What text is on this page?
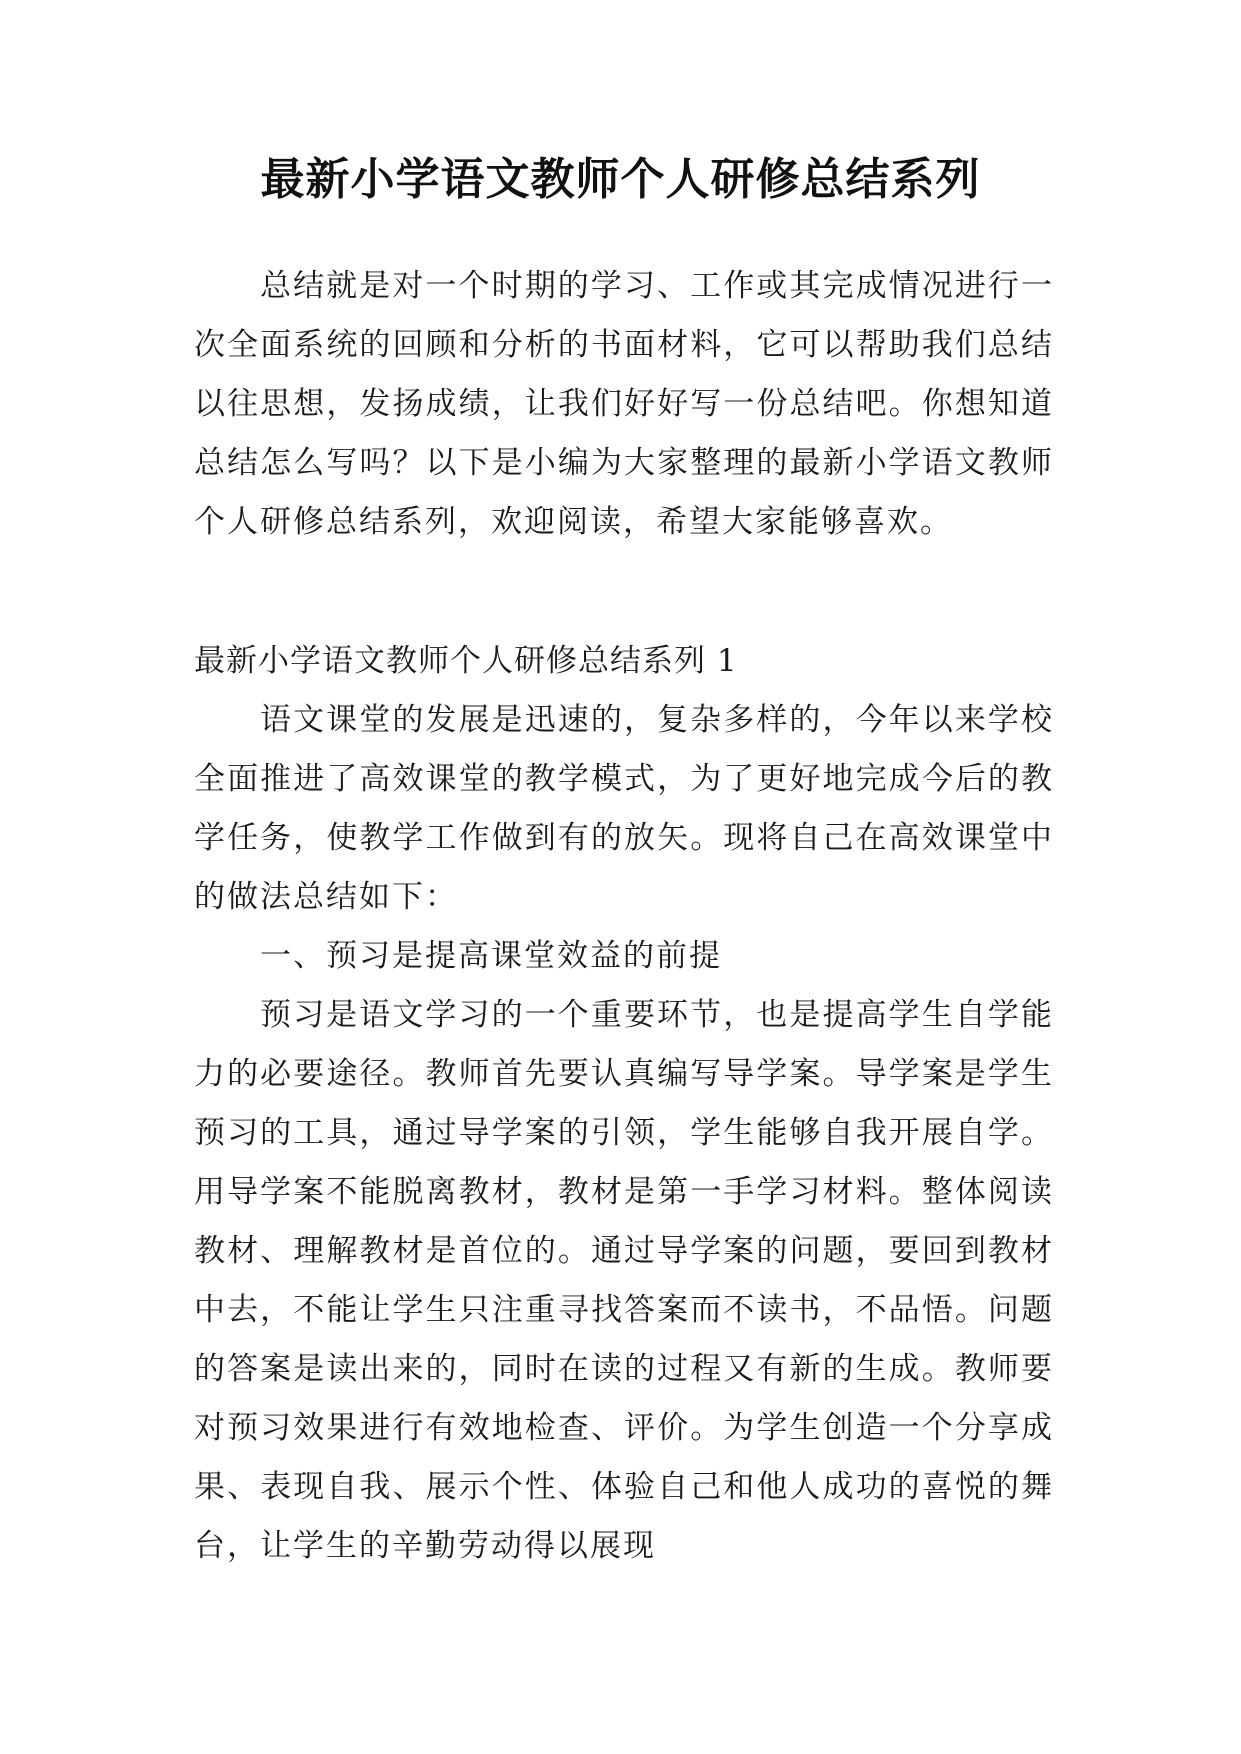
最新小学语文教师个人研修总结系列

总结就是对一个时期的学习、工作或其完成情况进行一次全面系统的回顾和分析的书面材料，它可以帮助我们总结以往思想，发扬成绩，让我们好好写一份总结吧。你想知道总结怎么写吗？以下是小编为大家整理的最新小学语文教师个人研修总结系列，欢迎阅读，希望大家能够喜欢。

最新小学语文教师个人研修总结系列 1

语文课堂的发展是迅速的，复杂多样的，今年以来学校全面推进了高效课堂的教学模式，为了更好地完成今后的教学任务，使教学工作做到有的放矢。现将自己在高效课堂中的做法总结如下：

一、预习是提高课堂效益的前提

预习是语文学习的一个重要环节，也是提高学生自学能力的必要途径。教师首先要认真编写导学案。导学案是学生预习的工具，通过导学案的引领，学生能够自我开展自学。用导学案不能脱离教材，教材是第一手学习材料。整体阅读教材、理解教材是首位的。通过导学案的问题，要回到教材中去，不能让学生只注重寻找答案而不读书，不品悟。问题的答案是读出来的，同时在读的过程又有新的生成。教师要对预习效果进行有效地检查、评价。为学生创造一个分享成果、表现自我、展示个性、体验自己和他人成功的喜悦的舞台，让学生的辛勤劳动得以展现
